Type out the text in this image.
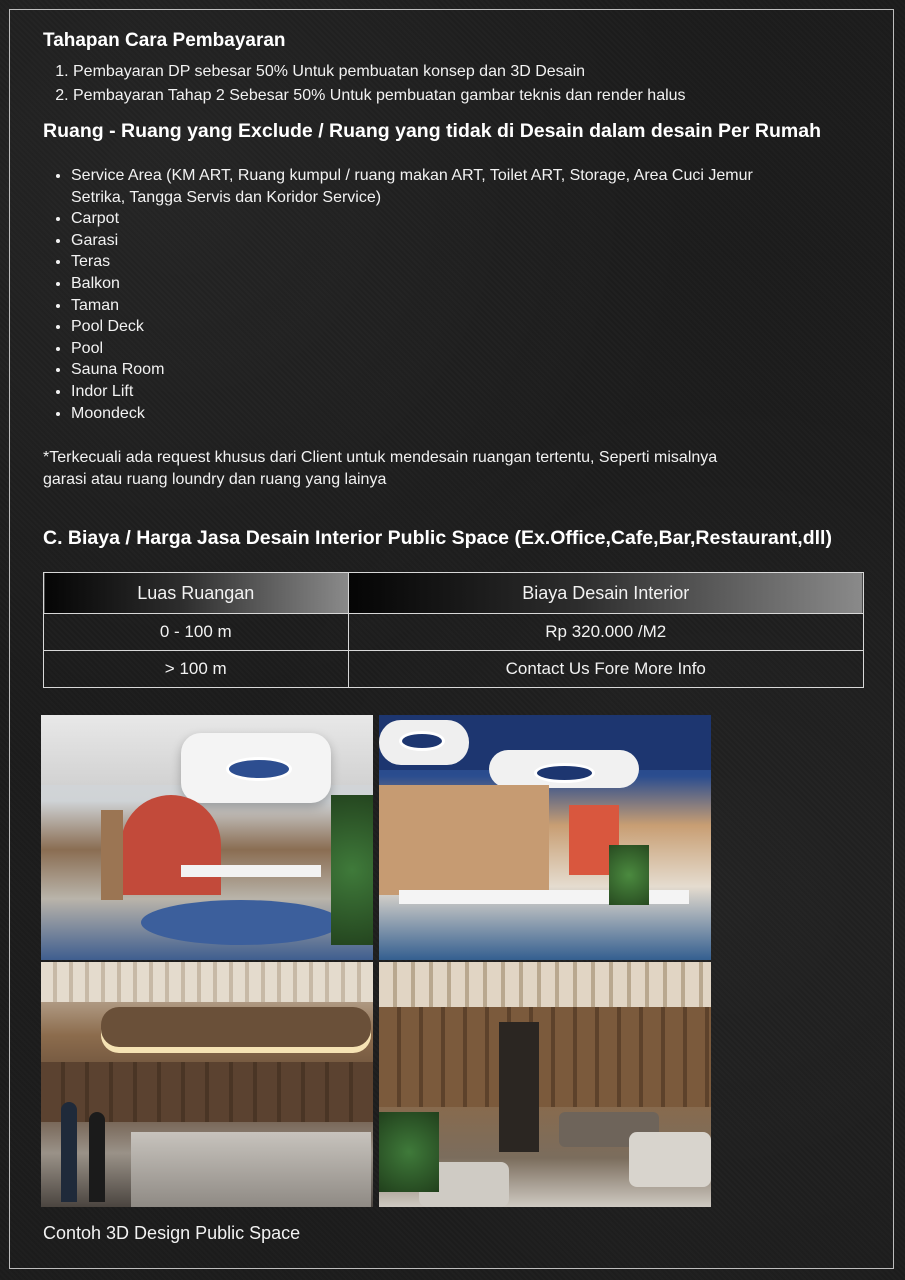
Tahapan Cara Pembayaran
1. Pembayaran DP sebesar 50% Untuk pembuatan konsep dan 3D Desain
2. Pembayaran Tahap 2 Sebesar 50% Untuk pembuatan gambar teknis dan render halus
Ruang - Ruang yang Exclude / Ruang yang tidak di Desain dalam desain Per Rumah
• Service Area (KM ART, Ruang kumpul / ruang makan ART, Toilet ART, Storage, Area Cuci Jemur Setrika, Tangga Servis dan Koridor Service)
• Carpot
• Garasi
• Teras
• Balkon
• Taman
• Pool Deck
• Pool
• Sauna Room
• Indor Lift
• Moondeck
*Terkecuali ada request khusus dari Client untuk mendesain ruangan tertentu, Seperti misalnya garasi atau ruang loundry dan ruang yang lainya
C. Biaya / Harga Jasa Desain Interior Public Space (Ex.Office,Cafe,Bar,Restaurant,dll)
Luas Ruangan	Biaya Desain Interior
0 - 100 m	Rp 320.000 /M2
> 100 m	Contact Us Fore More Info
Contoh 3D Design Public Space
